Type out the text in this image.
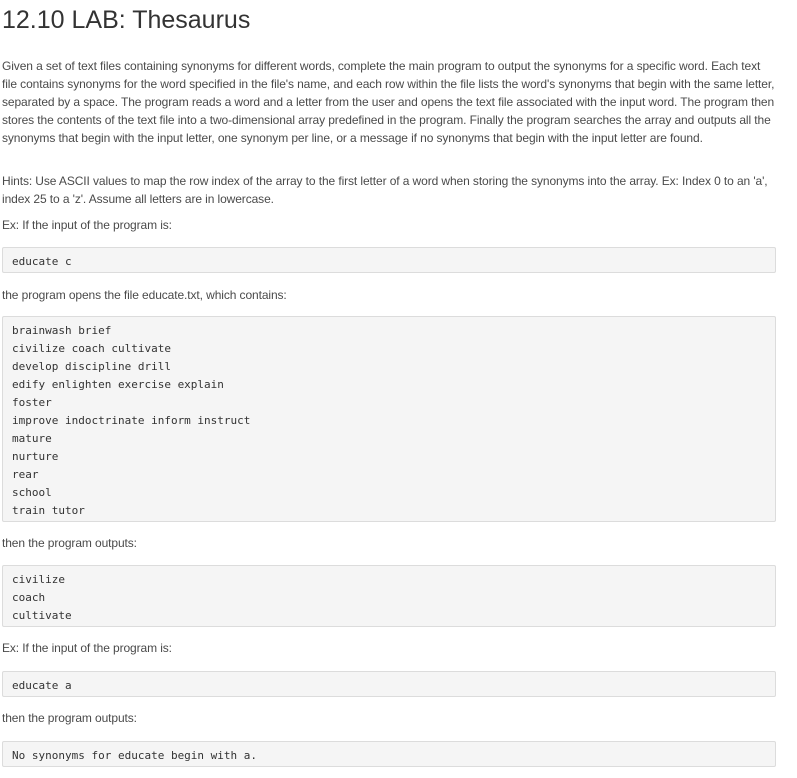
12.10 LAB: Thesaurus
Given a set of text files containing synonyms for different words, complete the main program to output the synonyms for a specific word. Each text file contains synonyms for the word specified in the file's name, and each row within the file lists the word's synonyms that begin with the same letter, separated by a space. The program reads a word and a letter from the user and opens the text file associated with the input word. The program then stores the contents of the text file into a two-dimensional array predefined in the program. Finally the program searches the array and outputs all the synonyms that begin with the input letter, one synonym per line, or a message if no synonyms that begin with the input letter are found.
Hints: Use ASCII values to map the row index of the array to the first letter of a word when storing the synonyms into the array. Ex: Index 0 to an 'a', index 25 to a 'z'. Assume all letters are in lowercase.
Ex: If the input of the program is:
educate c
the program opens the file educate.txt, which contains:
brainwash brief
civilize coach cultivate
develop discipline drill
edify enlighten exercise explain
foster
improve indoctrinate inform instruct
mature
nurture
rear
school
train tutor
then the program outputs:
civilize
coach
cultivate
Ex: If the input of the program is:
educate a
then the program outputs:
No synonyms for educate begin with a.
